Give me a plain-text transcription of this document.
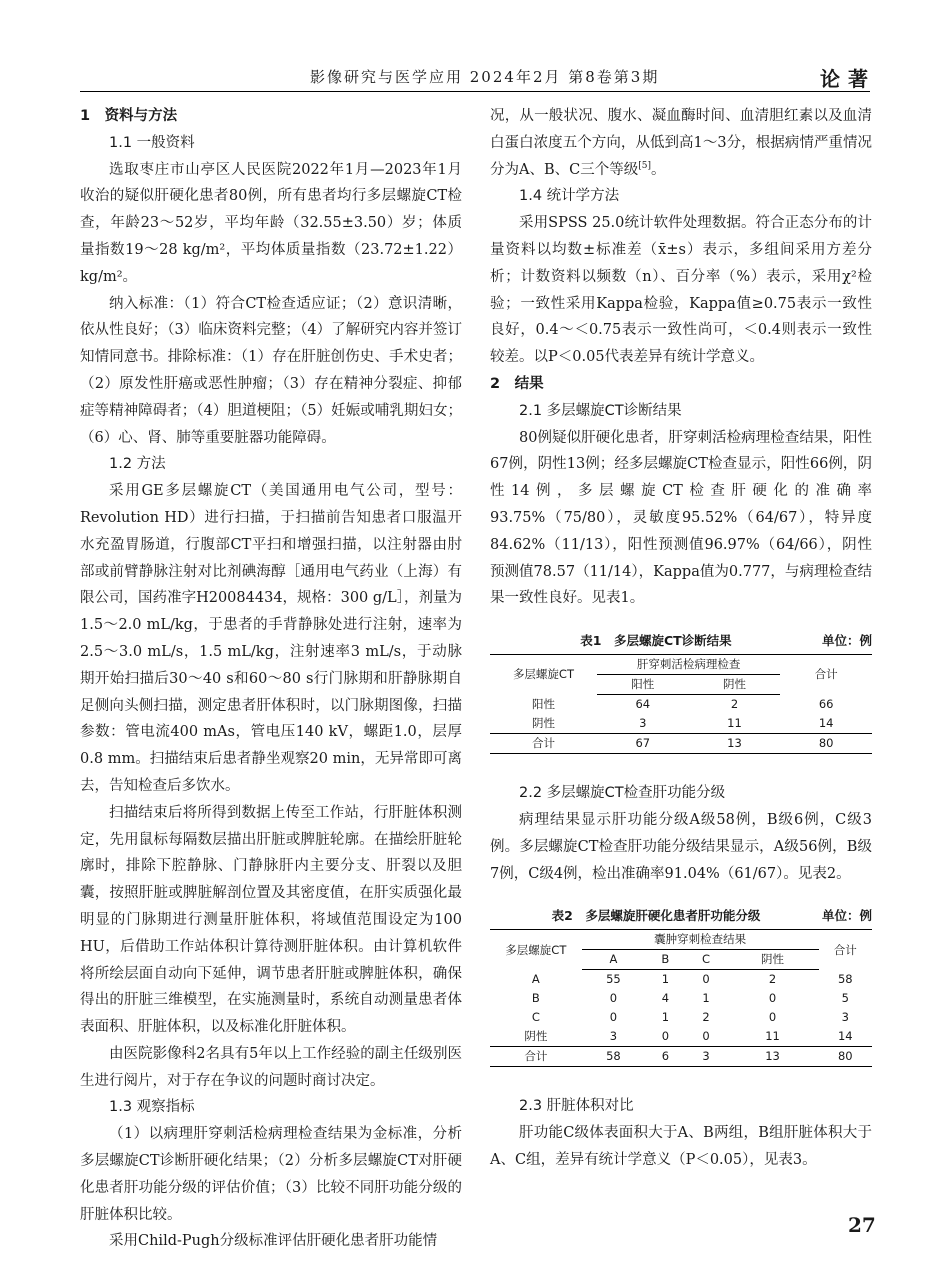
影像研究与医学应用 2024年2月 第8卷第3期	论著
1　资料与方法
1.1 一般资料

选取枣庄市山亭区人民医院2022年1月—2023年1月收治的疑似肝硬化患者80例，所有患者均行多层螺旋CT检查，年龄23～52岁，平均年龄（32.55±3.50）岁；体质量指数19～28 kg/m²，平均体质量指数（23.72±1.22）kg/m²。

纳入标准：（1）符合CT检查适应证；（2）意识清晰，依从性良好；（3）临床资料完整；（4）了解研究内容并签订知情同意书。排除标准：（1）存在肝脏创伤史、手术史者；（2）原发性肝癌或恶性肿瘤；（3）存在精神分裂症、抑郁症等精神障碍者；（4）胆道梗阻；（5）妊娠或哺乳期妇女；（6）心、肾、肺等重要脏器功能障碍。

1.2 方法

采用GE多层螺旋CT（美国通用电气公司，型号：Revolution HD）进行扫描，于扫描前告知患者口服温开水充盈胃肠道，行腹部CT平扫和增强扫描，以注射器由肘部或前臂静脉注射对比剂碘海醇［通用电气药业（上海）有限公司，国药准字H20084434，规格：300 g/L］，剂量为1.5～2.0 mL/kg，于患者的手背静脉处进行注射，速率为2.5～3.0 mL/s，1.5 mL/kg，注射速率3 mL/s，于动脉期开始扫描后30～40 s和60～80 s行门脉期和肝静脉期自足侧向头侧扫描，测定患者肝体积时，以门脉期图像，扫描参数：管电流400 mAs，管电压140 kV，螺距1.0，层厚0.8 mm。扫描结束后患者静坐观察20 min，无异常即可离去，告知检查后多饮水。

扫描结束后将所得到数据上传至工作站，行肝脏体积测定，先用鼠标每隔数层描出肝脏或脾脏轮廓。在描绘肝脏轮廓时，排除下腔静脉、门静脉肝内主要分支、肝裂以及胆囊，按照肝脏或脾脏解剖位置及其密度值，在肝实质强化最明显的门脉期进行测量肝脏体积，将域值范围设定为100 HU，后借助工作站体积计算待测肝脏体积。由计算机软件将所绘层面自动向下延伸，调节患者肝脏或脾脏体积，确保得出的肝脏三维模型，在实施测量时，系统自动测量患者体表面积、肝脏体积，以及标准化肝脏体积。

由医院影像科2名具有5年以上工作经验的副主任级别医生进行阅片，对于存在争议的问题时商讨决定。

1.3 观察指标

（1）以病理肝穿刺活检病理检查结果为金标准，分析多层螺旋CT诊断肝硬化结果；（2）分析多层螺旋CT对肝硬化患者肝功能分级的评估价值；（3）比较不同肝功能分级的肝脏体积比较。

采用Child-Pugh分级标准评估肝硬化患者肝功能情

况，从一般状况、腹水、凝血酶时间、血清胆红素以及血清白蛋白浓度五个方向，从低到高1～3分，根据病情严重情况分为A、B、C三个等级[5]。

1.4 统计学方法

采用SPSS 25.0统计软件处理数据。符合正态分布的计量资料以均数±标准差（x̄±s）表示，多组间采用方差分析；计数资料以频数（n）、百分率（%）表示，采用χ²检验；一致性采用Kappa检验，Kappa值≥0.75表示一致性良好，0.4～＜0.75表示一致性尚可，＜0.4则表示一致性较差。以P＜0.05代表差异有统计学意义。

2　结果
2.1 多层螺旋CT诊断结果

80例疑似肝硬化患者，肝穿刺活检病理检查结果，阳性67例，阴性13例；经多层螺旋CT检查显示，阳性66例，阴性14例，多层螺旋CT检查肝硬化的准确率93.75%（75/80），灵敏度95.52%（64/67），特异度84.62%（11/13），阳性预测值96.97%（64/66），阴性预测值78.57（11/14），Kappa值为0.777，与病理检查结果一致性良好。见表1。

表1　多层螺旋CT诊断结果	单位：例
多层螺旋CT	肝穿刺活检病理检查		合计
	阳性	阴性	
阳性	64	2	66
阴性	3	11	14
合计	67	13	80
2.2 多层螺旋CT检查肝功能分级

病理结果显示肝功能分级A级58例，B级6例，C级3例。多层螺旋CT检查肝功能分级结果显示，A级56例，B级7例，C级4例，检出准确率91.04%（61/67）。见表2。

表2　多层螺旋肝硬化患者肝功能分级	单位：例
多层螺旋CT	囊肿穿刺检查结果				合计
	A	B	C	阴性	
A	55	1	0	2	58
B	0	4	1	0	5
C	0	1	2	0	3
阴性	3	0	0	11	14
合计	58	6	3	13	80
2.3 肝脏体积对比

肝功能C级体表面积大于A、B两组，B组肝脏体积大于A、C组，差异有统计学意义（P＜0.05），见表3。

27
